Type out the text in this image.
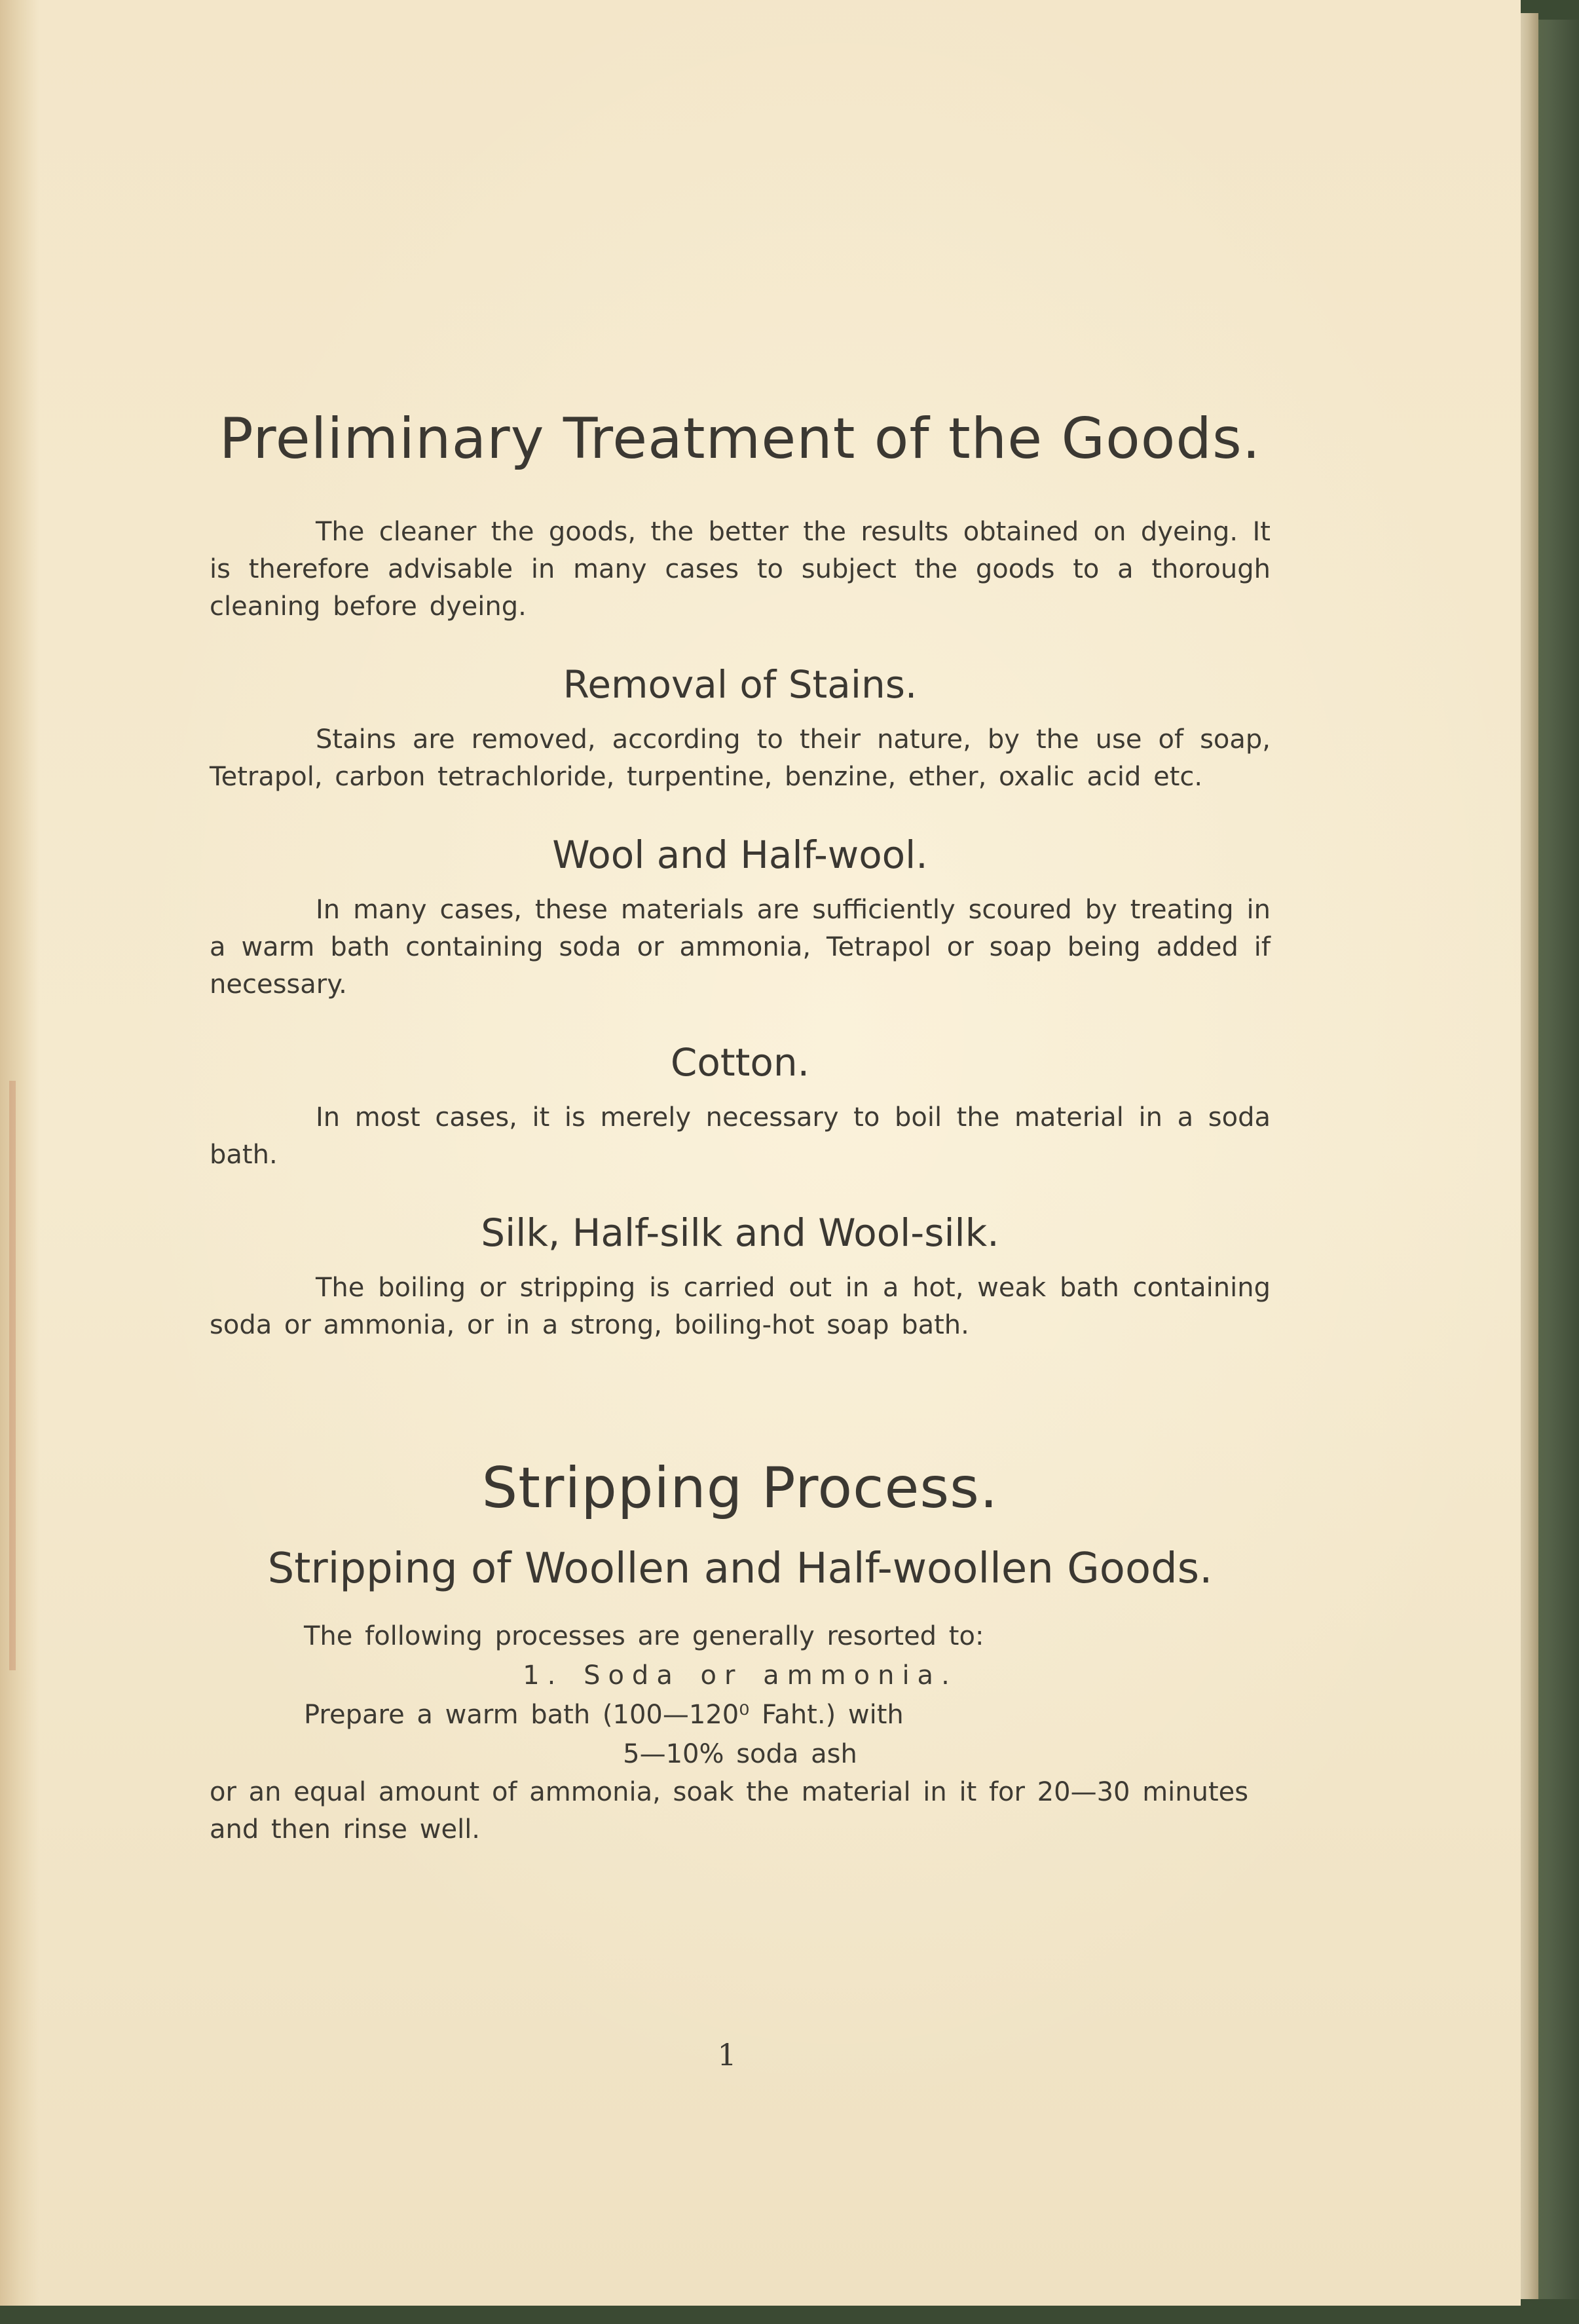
Preliminary Treatment of the Goods.

The cleaner the goods, the better the results obtained on dyeing. It is therefore advisable in many cases to subject the goods to a thorough cleaning before dyeing.

Removal of Stains.

Stains are removed, according to their nature, by the use of soap, Tetrapol, carbon tetrachloride, turpentine, benzine, ether, oxalic acid etc.

Wool and Half-wool.

In many cases, these materials are sufficiently scoured by treating in a warm bath containing soda or ammonia, Tetrapol or soap being added if necessary.

Cotton.

In most cases, it is merely necessary to boil the material in a soda bath.

Silk, Half-silk and Wool-silk.

The boiling or stripping is carried out in a hot, weak bath containing soda or ammonia, or in a strong, boiling-hot soap bath.

Stripping Process.
Stripping of Woollen and Half-woollen Goods.
The following processes are generally resorted to:
1. Soda or ammonia.
Prepare a warm bath (100—120⁰ Faht.) with
5—10% soda ash
or an equal amount of ammonia, soak the material in it for 20—30 minutes
and then rinse well.
1
